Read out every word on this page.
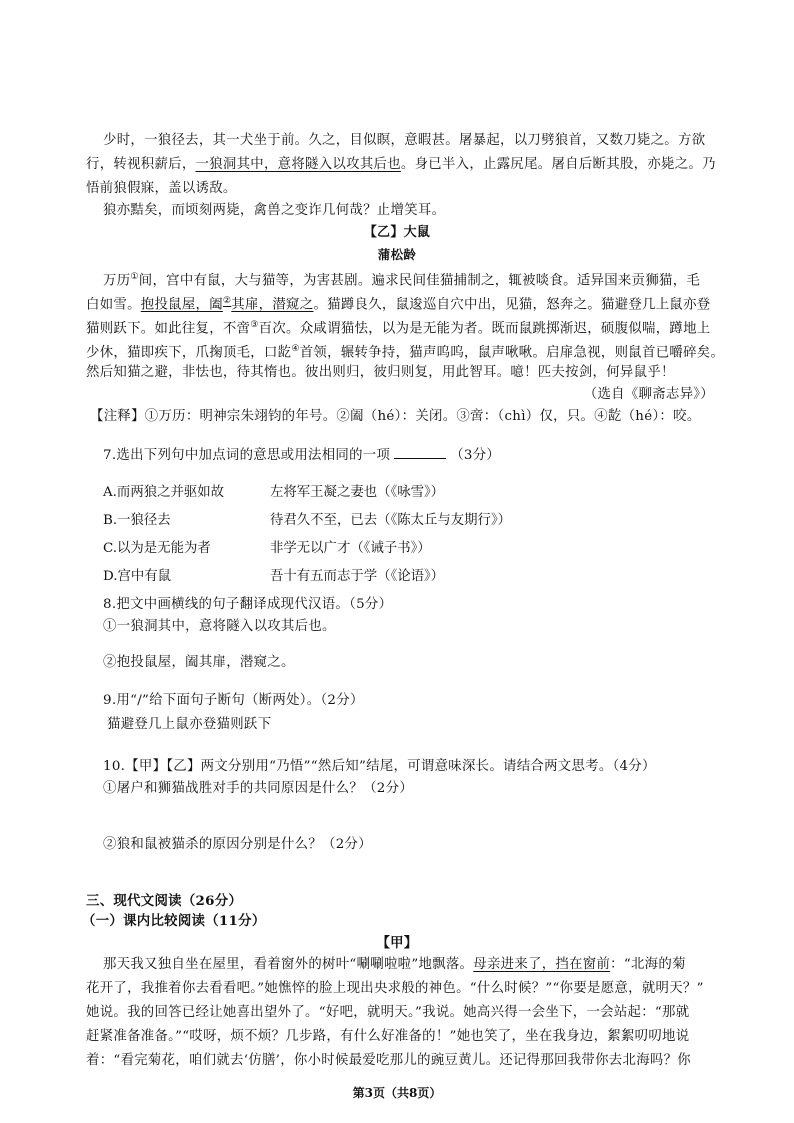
少时，一狼径去，其一犬坐于前。久之，目似瞑，意暇甚。屠暴起，以刀劈狼首，又数刀毙之。方欲
行，转视积薪后，一狼洞其中，意将隧入以攻其后也。身已半入，止露尻尾。屠自后断其股，亦毙之。乃
悟前狼假寐，盖以诱敌。
狼亦黠矣，而顷刻两毙，禽兽之变诈几何哉？止增笑耳。
【乙】大鼠
蒲松龄
万历①间，宫中有鼠，大与猫等，为害甚剧。遍求民间佳猫捕制之，辄被啖食。适异国来贡狮猫，毛
白如雪。抱投鼠屋，阖②其扉，潜窥之。猫蹲良久，鼠逡巡自穴中出，见猫，怒奔之。猫避登几上鼠亦登
猫则跃下。如此往复，不啻③百次。众咸谓猫怯，以为是无能为者。既而鼠跳掷渐迟，硕腹似喘，蹲地上
少休，猫即疾下，爪掬顶毛，口龁④首领，辗转争持，猫声呜呜，鼠声啾啾。启扉急视，则鼠首已嚼碎矣。
然后知猫之避，非怯也，待其惰也。彼出则归，彼归则复，用此智耳。噫！匹夫按剑，何异鼠乎！
（选自《聊斋志异》）
【注释】①万历：明神宗朱翊钧的年号。②阖（hé）：关闭。③啻：（chì）仅，只。④龁（hé）：咬。
7.选出下列句中加点词的意思或用法相同的一项	（3分）
A.而两狼之并驱如故	左将军王凝之妻也（《咏雪》）
B.一狼径去	待君久不至，已去（《陈太丘与友期行》）
C.以为是无能为者	非学无以广才（《诫子书》）
D.宫中有鼠	吾十有五而志于学（《论语》）
8.把文中画横线的句子翻译成现代汉语。（5分）
①一狼洞其中，意将隧入以攻其后也。
②抱投鼠屋，阖其扉，潜窥之。
9.用“/”给下面句子断句（断两处）。（2分）
猫避登几上鼠亦登猫则跃下
10.【甲】【乙】两文分别用“乃悟”“然后知”结尾，可谓意味深长。请结合两文思考。（4分）
①屠户和狮猫战胜对手的共同原因是什么？（2分）
②狼和鼠被猫杀的原因分别是什么？（2分）
三、现代文阅读（26分）
（一）课内比较阅读（11分）
【甲】
那天我又独自坐在屋里，看着窗外的树叶“唰唰啦啦”地飘落。母亲进来了，挡在窗前：“北海的菊
花开了，我推着你去看看吧。”她憔悴的脸上现出央求般的神色。“什么时候？”“你要是愿意，就明天？”
她说。我的回答已经让她喜出望外了。“好吧，就明天。”我说。她高兴得一会坐下，一会站起：“那就
赶紧准备准备。”“哎呀，烦不烦？几步路，有什么好准备的！”她也笑了，坐在我身边，絮絮叨叨地说
着：“看完菊花，咱们就去‘仿膳’，你小时候最爱吃那儿的豌豆黄儿。还记得那回我带你去北海吗？你
第3页（共8页）
